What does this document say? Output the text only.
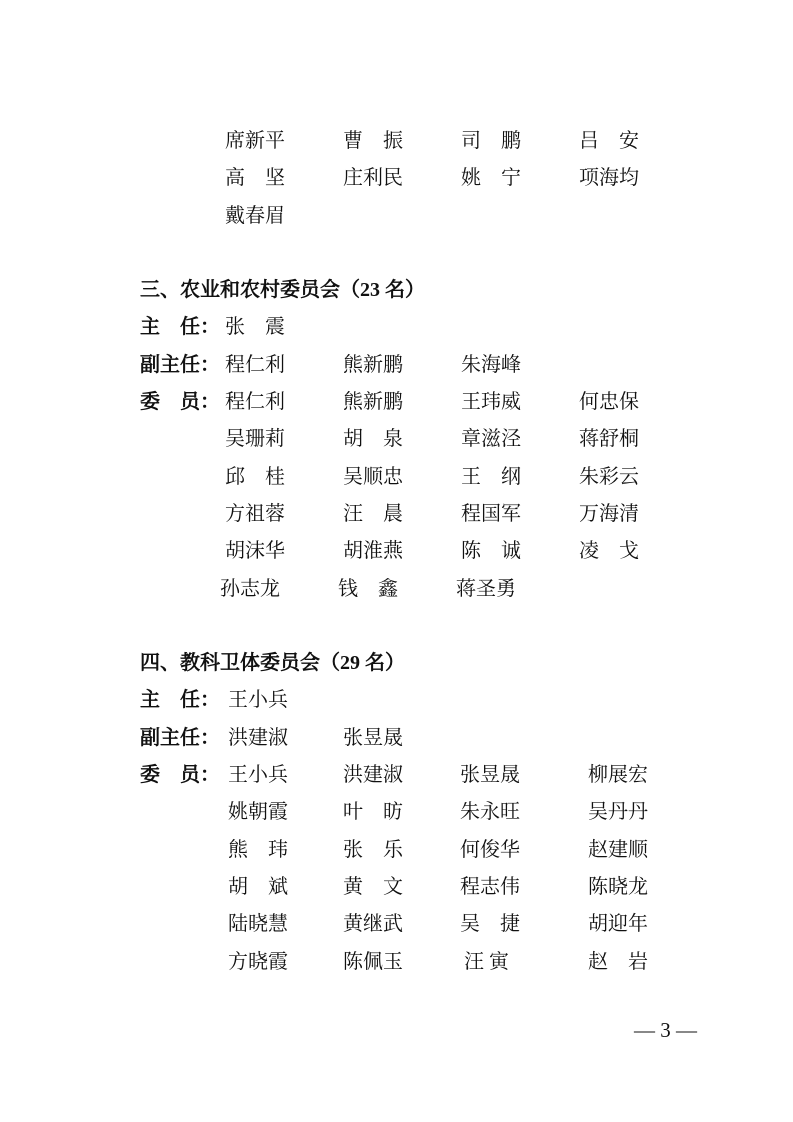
席新平	曹　振	司　鹏	吕　安
高　坚	庄利民	姚　宁	项海均
戴春眉
三、农业和农村委员会（23 名）
主　任： 张　震
副主任： 程仁利	熊新鹏	朱海峰
委　员： 程仁利	熊新鹏	王玮威	何忠保
吴珊莉	胡　泉	章滋泾	蒋舒桐
邱　桂	吴顺忠	王　纲	朱彩云
方祖蓉	汪　晨	程国军	万海清
胡沫华	胡淮燕	陈　诚	凌　戈
孙志龙	钱　鑫	蒋圣勇
四、教科卫体委员会（29 名）
主　任： 王小兵
副主任： 洪建淑	张昱晟
委　员： 王小兵	洪建淑	张昱晟	柳展宏
姚朝霞	叶　昉	朱永旺	吴丹丹
熊　玮	张　乐	何俊华	赵建顺
胡　斌	黄　文	程志伟	陈晓龙
陆晓慧	黄继武	吴　捷	胡迎年
方晓霞	陈佩玉	汪 寅	赵　岩
— 3 —
